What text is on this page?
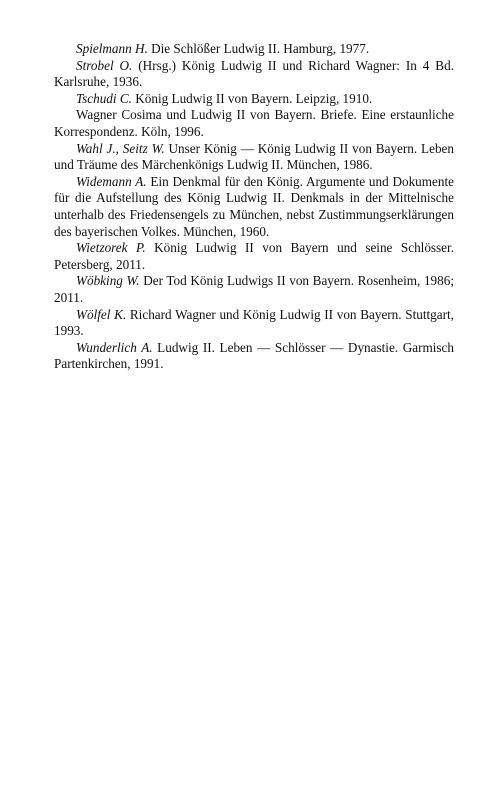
Spielmann H. Die Schlößer Ludwig II. Hamburg, 1977.

Strobel O. (Hrsg.) König Ludwig II und Richard Wagner: In 4 Bd. Karlsruhe, 1936.

Tschudi C. König Ludwig II von Bayern. Leipzig, 1910.

Wagner Cosima und Ludwig II von Bayern. Briefe. Eine erstaunliche Korrespondenz. Köln, 1996.

Wahl J., Seitz W. Unser König — König Ludwig II von Bayern. Leben und Träume des Märchenkönigs Ludwig II. München, 1986.

Widemann A. Ein Denkmal für den König. Argumente und Dokumente für die Aufstellung des König Ludwig II. Denkmals in der Mittelnische unterhalb des Friedensengels zu München, nebst Zustimmungserklärungen des bayerischen Volkes. München, 1960.

Wietzorek P. König Ludwig II von Bayern und seine Schlösser. Petersberg, 2011.

Wöbking W. Der Tod König Ludwigs II von Bayern. Rosenheim, 1986; 2011.

Wölfel K. Richard Wagner und König Ludwig II von Bayern. Stuttgart, 1993.

Wunderlich A. Ludwig II. Leben — Schlösser — Dynastie. Garmisch Partenkirchen, 1991.
